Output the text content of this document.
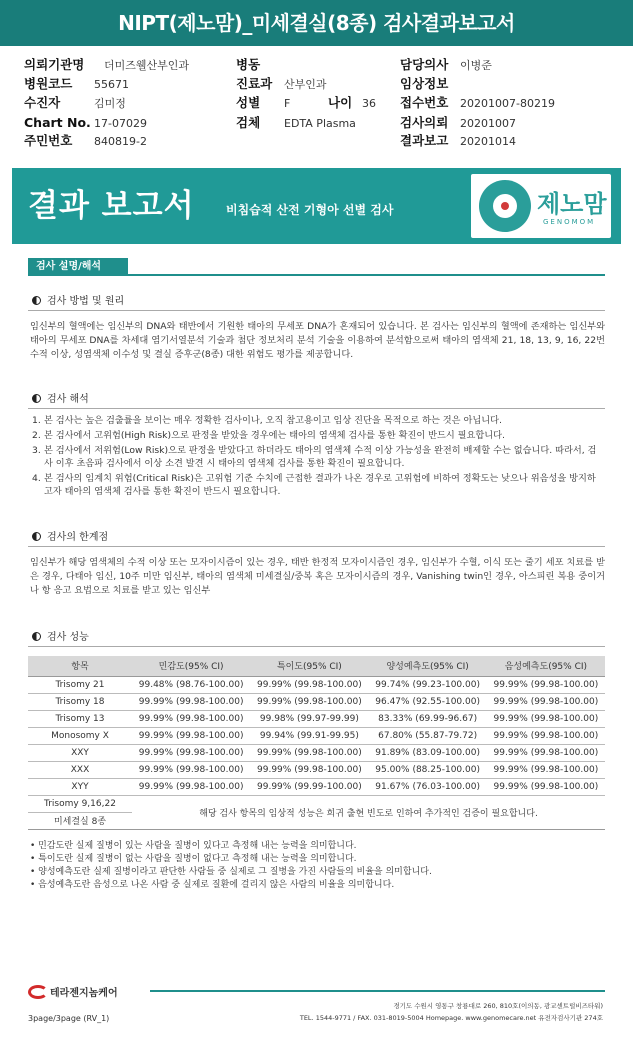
NIPT(제노맘)_미세결실(8종) 검사결과보고서
의뢰기관명 더미즈웰산부인과
병원코드 55671
수진자	김미정
Chart No. 17-07029
주민번호 840819-2
병동
진료과 산부인과
성별 F	나이 36
검체 EDTA Plasma
담당의사 이병준
임상정보
접수번호 20201007-80219
검사의뢰 20201007
결과보고 20201014
결과 보고서	비침습적 산전 기형아 선별 검사	제노맘
GENOMOM
검사 설명/해석
검사 방법 및 원리
임신부의 혈액에는 임신부의 DNA와 태반에서 기원한 태아의 무세포 DNA가 혼재되어 있습니다. 본 검사는 임신부의 혈액에 존재하는 임신부와 태아의 무세포 DNA를 차세대 염기서열분석 기술과 첨단 정보처리 분석 기술을 이용하여 분석함으로써 태아의 염색체 21, 18, 13, 9, 16, 22번 수적 이상, 성염색체 이수성 및 결실 증후군(8종) 대한 위험도 평가를 제공합니다.
검사 해석
1. 본 검사는 높은 검출률을 보이는 매우 정확한 검사이나, 오직 참고용이고 임상 진단을 목적으로 하는 것은 아닙니다.
2. 본 검사에서 고위험(High Risk)으로 판정을 받았을 경우에는 태아의 염색체 검사를 통한 확진이 반드시 필요합니다.
3. 본 검사에서 저위험(Low Risk)으로 판정을 받았다고 하더라도 태아의 염색체 수적 이상 가능성을 완전히 배제할 수는 없습니다. 따라서, 검사 이후 초음파 검사에서 이상 소견 발견 시 태아의 염색체 검사를 통한 확진이 필요합니다.
4. 본 검사의 임계치 위험(Critical Risk)은 고위험 기준 수치에 근접한 결과가 나온 경우로 고위험에 비하여 정확도는 낮으나 위음성을 방지하고자 태아의 염색체 검사를 통한 확진이 반드시 필요합니다.
검사의 한계점
임신부가 해당 염색체의 수적 이상 또는 모자이시즘이 있는 경우, 태반 한정적 모자이시즘인 경우, 임신부가 수혈, 이식 또는 줄기 세포 치료를 받은 경우, 다태아 임신, 10주 미만 임신부, 태아의 염색체 미세결실/중복 혹은 모자이시즘의 경우, Vanishing twin인 경우, 아스피린 복용 중이거나 항 응고 요법으로 치료를 받고 있는 임신부
검사 성능
항목	민감도(95% CI)	특이도(95% CI)	양성예측도(95% CI)	음성예측도(95% CI)
Trisomy 21	99.48% (98.76-100.00)	99.99% (99.98-100.00)	99.74% (99.23-100.00)	99.99% (99.98-100.00)
Trisomy 18	99.99% (99.98-100.00)	99.99% (99.98-100.00)	96.47% (92.55-100.00)	99.99% (99.98-100.00)
Trisomy 13	99.99% (99.98-100.00)	99.98% (99.97-99.99)	83.33% (69.99-96.67)	99.99% (99.98-100.00)
Monosomy X	99.99% (99.98-100.00)	99.94% (99.91-99.95)	67.80% (55.87-79.72)	99.99% (99.98-100.00)
XXY	99.99% (99.98-100.00)	99.99% (99.98-100.00)	91.89% (83.09-100.00)	99.99% (99.98-100.00)
XXX	99.99% (99.98-100.00)	99.99% (99.98-100.00)	95.00% (88.25-100.00)	99.99% (99.98-100.00)
XYY	99.99% (99.98-100.00)	99.99% (99.99-100.00)	91.67% (76.03-100.00)	99.99% (99.98-100.00)
Trisomy 9,16,22	해당 검사 항목의 임상적 성능은 희귀 출현 빈도로 인하여 추가적인 검증이 필요합니다.			
미세결실 8종				
• 민감도란 실제 질병이 있는 사람을 질병이 있다고 측정해 내는 능력을 의미합니다.
• 특이도란 실제 질병이 없는 사람을 질병이 없다고 측정해 내는 능력을 의미합니다.
• 양성예측도란 실제 질병이라고 판단한 사람들 중 실제로 그 질병을 가진 사람들의 비율을 의미합니다.
• 음성예측도란 음성으로 나온 사람 중 실제로 질환에 걸리지 않은 사람의 비율을 의미합니다.
테라젠지놈케어
경기도 수원시 영통구 창룡대로 260, 810호(이의동, 광교센트럴비즈타워)
TEL. 1544-9771 / FAX. 031-8019-5004 Homepage. www.genomecare.net 유전자검사기관 274호
3page/3page (RV_1)
